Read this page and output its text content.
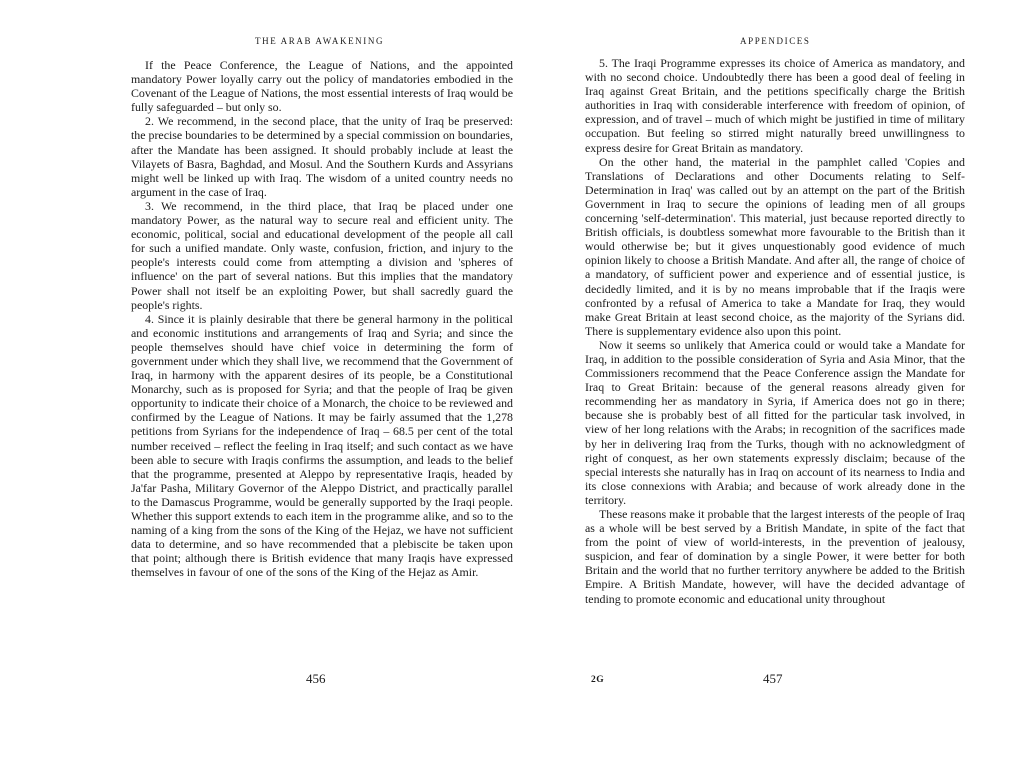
THE ARAB AWAKENING

If the Peace Conference, the League of Nations, and the appointed mandatory Power loyally carry out the policy of mandatories embodied in the Covenant of the League of Nations, the most essential interests of Iraq would be fully safeguarded – but only so.

2. We recommend, in the second place, that the unity of Iraq be preserved: the precise boundaries to be determined by a special commission on boundaries, after the Mandate has been assigned. It should probably include at least the Vilayets of Basra, Baghdad, and Mosul. And the Southern Kurds and Assyrians might well be linked up with Iraq. The wisdom of a united country needs no argument in the case of Iraq.

3. We recommend, in the third place, that Iraq be placed under one mandatory Power, as the natural way to secure real and efficient unity. The economic, political, social and educational development of the people all call for such a unified mandate. Only waste, confusion, friction, and injury to the people's interests could come from attempting a division and 'spheres of influence' on the part of several nations. But this implies that the mandatory Power shall not itself be an exploiting Power, but shall sacredly guard the people's rights.

4. Since it is plainly desirable that there be general harmony in the political and economic institutions and arrangements of Iraq and Syria; and since the people themselves should have chief voice in determining the form of government under which they shall live, we recommend that the Government of Iraq, in harmony with the apparent desires of its people, be a Constitutional Monarchy, such as is proposed for Syria; and that the people of Iraq be given opportunity to indicate their choice of a Monarch, the choice to be reviewed and confirmed by the League of Nations. It may be fairly assumed that the 1,278 petitions from Syrians for the independence of Iraq – 68.5 per cent of the total number received – reflect the feeling in Iraq itself; and such contact as we have been able to secure with Iraqis confirms the assumption, and leads to the belief that the programme, presented at Aleppo by representative Iraqis, headed by Ja'far Pasha, Military Governor of the Aleppo District, and practically parallel to the Damascus Programme, would be generally supported by the Iraqi people. Whether this support extends to each item in the programme alike, and so to the naming of a king from the sons of the King of the Hejaz, we have not sufficient data to determine, and so have recommended that a plebiscite be taken upon that point; although there is British evidence that many Iraqis have expressed themselves in favour of one of the sons of the King of the Hejaz as Amir.

456
APPENDICES

5. The Iraqi Programme expresses its choice of America as mandatory, and with no second choice. Undoubtedly there has been a good deal of feeling in Iraq against Great Britain, and the petitions specifically charge the British authorities in Iraq with considerable interference with freedom of opinion, of expression, and of travel – much of which might be justified in time of military occupation. But feeling so stirred might naturally breed unwillingness to express desire for Great Britain as mandatory.

On the other hand, the material in the pamphlet called 'Copies and Translations of Declarations and other Documents relating to Self-Determination in Iraq' was called out by an attempt on the part of the British Government in Iraq to secure the opinions of leading men of all groups concerning 'self-determination'. This material, just because reported directly to British officials, is doubtless somewhat more favourable to the British than it would otherwise be; but it gives unquestionably good evidence of much opinion likely to choose a British Mandate. And after all, the range of choice of a mandatory, of sufficient power and experience and of essential justice, is decidedly limited, and it is by no means improbable that if the Iraqis were confronted by a refusal of America to take a Mandate for Iraq, they would make Great Britain at least second choice, as the majority of the Syrians did. There is supplementary evidence also upon this point.

Now it seems so unlikely that America could or would take a Mandate for Iraq, in addition to the possible consideration of Syria and Asia Minor, that the Commissioners recommend that the Peace Conference assign the Mandate for Iraq to Great Britain: because of the general reasons already given for recommending her as mandatory in Syria, if America does not go in there; because she is probably best of all fitted for the particular task involved, in view of her long relations with the Arabs; in recognition of the sacrifices made by her in delivering Iraq from the Turks, though with no acknowledgment of right of conquest, as her own statements expressly disclaim; because of the special interests she naturally has in Iraq on account of its nearness to India and its close connexions with Arabia; and because of work already done in the territory.

These reasons make it probable that the largest interests of the people of Iraq as a whole will be best served by a British Mandate, in spite of the fact that from the point of view of world-interests, in the prevention of jealousy, suspicion, and fear of domination by a single Power, it were better for both Britain and the world that no further territory anywhere be added to the British Empire. A British Mandate, however, will have the decided advantage of tending to promote economic and educational unity throughout

2G	457
